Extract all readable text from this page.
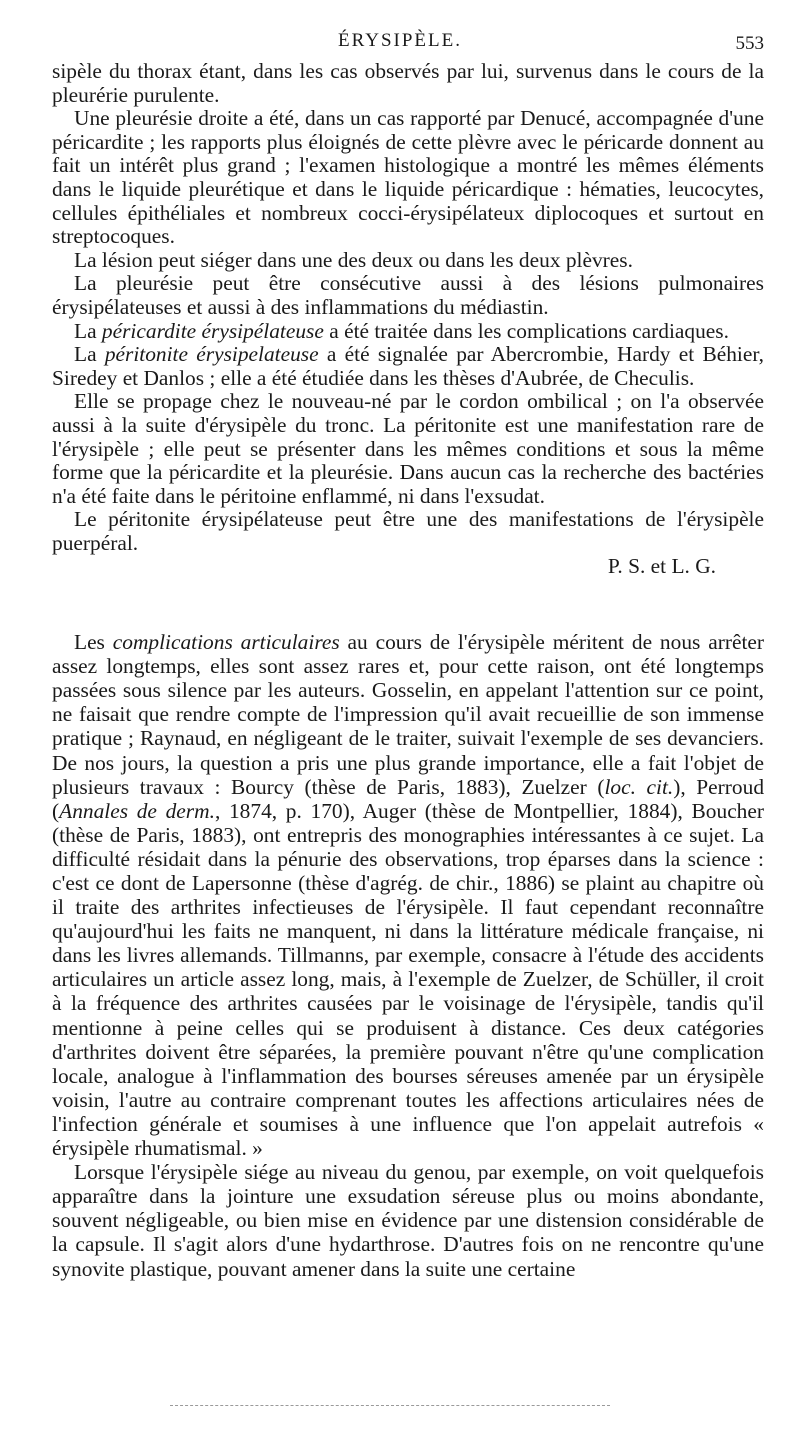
ÉRYSIPÈLE.	553

sipèle du thorax étant, dans les cas observés par lui, survenus dans le cours de la pleurérie purulente.

Une pleurésie droite a été, dans un cas rapporté par Denucé, accompagnée d'une péricardite ; les rapports plus éloignés de cette plèvre avec le péricarde donnent au fait un intérêt plus grand ; l'examen histologique a montré les mêmes éléments dans le liquide pleurétique et dans le liquide péricardique : hématies, leucocytes, cellules épithéliales et nombreux cocci-érysipélateux diplocoques et surtout en streptocoques.

La lésion peut siéger dans une des deux ou dans les deux plèvres.

La pleurésie peut être consécutive aussi à des lésions pulmonaires érysipélateuses et aussi à des inflammations du médiastin.

La péricardite érysipélateuse a été traitée dans les complications cardiaques.

La péritonite érysipelateuse a été signalée par Abercrombie, Hardy et Béhier, Siredey et Danlos ; elle a été étudiée dans les thèses d'Aubrée, de Checulis.

Elle se propage chez le nouveau-né par le cordon ombilical ; on l'a observée aussi à la suite d'érysipèle du tronc. La péritonite est une manifestation rare de l'érysipèle ; elle peut se présenter dans les mêmes conditions et sous la même forme que la péricardite et la pleurésie. Dans aucun cas la recherche des bactéries n'a été faite dans le péritoine enflammé, ni dans l'exsudat.

Le péritonite érysipélateuse peut être une des manifestations de l'érysipèle puerpéral.

P. S. et L. G.

Les complications articulaires au cours de l'érysipèle méritent de nous arrêter assez longtemps, elles sont assez rares et, pour cette raison, ont été longtemps passées sous silence par les auteurs. Gosselin, en appelant l'attention sur ce point, ne faisait que rendre compte de l'impression qu'il avait recueillie de son immense pratique ; Raynaud, en négligeant de le traiter, suivait l'exemple de ses devanciers. De nos jours, la question a pris une plus grande importance, elle a fait l'objet de plusieurs travaux : Bourcy (thèse de Paris, 1883), Zuelzer (loc. cit.), Perroud (Annales de derm., 1874, p. 170), Auger (thèse de Montpellier, 1884), Boucher (thèse de Paris, 1883), ont entrepris des monographies intéressantes à ce sujet. La difficulté résidait dans la pénurie des observations, trop éparses dans la science : c'est ce dont de Lapersonne (thèse d'agrég. de chir., 1886) se plaint au chapitre où il traite des arthrites infectieuses de l'érysipèle. Il faut cependant reconnaître qu'aujourd'hui les faits ne manquent, ni dans la littérature médicale française, ni dans les livres allemands. Tillmanns, par exemple, consacre à l'étude des accidents articulaires un article assez long, mais, à l'exemple de Zuelzer, de Schüller, il croit à la fréquence des arthrites causées par le voisinage de l'érysipèle, tandis qu'il mentionne à peine celles qui se produisent à distance. Ces deux catégories d'arthrites doivent être séparées, la première pouvant n'être qu'une complication locale, analogue à l'inflammation des bourses séreuses amenée par un érysipèle voisin, l'autre au contraire comprenant toutes les affections articulaires nées de l'infection générale et soumises à une influence que l'on appelait autrefois « érysipèle rhumatismal. »

Lorsque l'érysipèle siége au niveau du genou, par exemple, on voit quelquefois apparaître dans la jointure une exsudation séreuse plus ou moins abondante, souvent négligeable, ou bien mise en évidence par une distension considérable de la capsule. Il s'agit alors d'une hydarthrose. D'autres fois on ne rencontre qu'une synovite plastique, pouvant amener dans la suite une certaine
